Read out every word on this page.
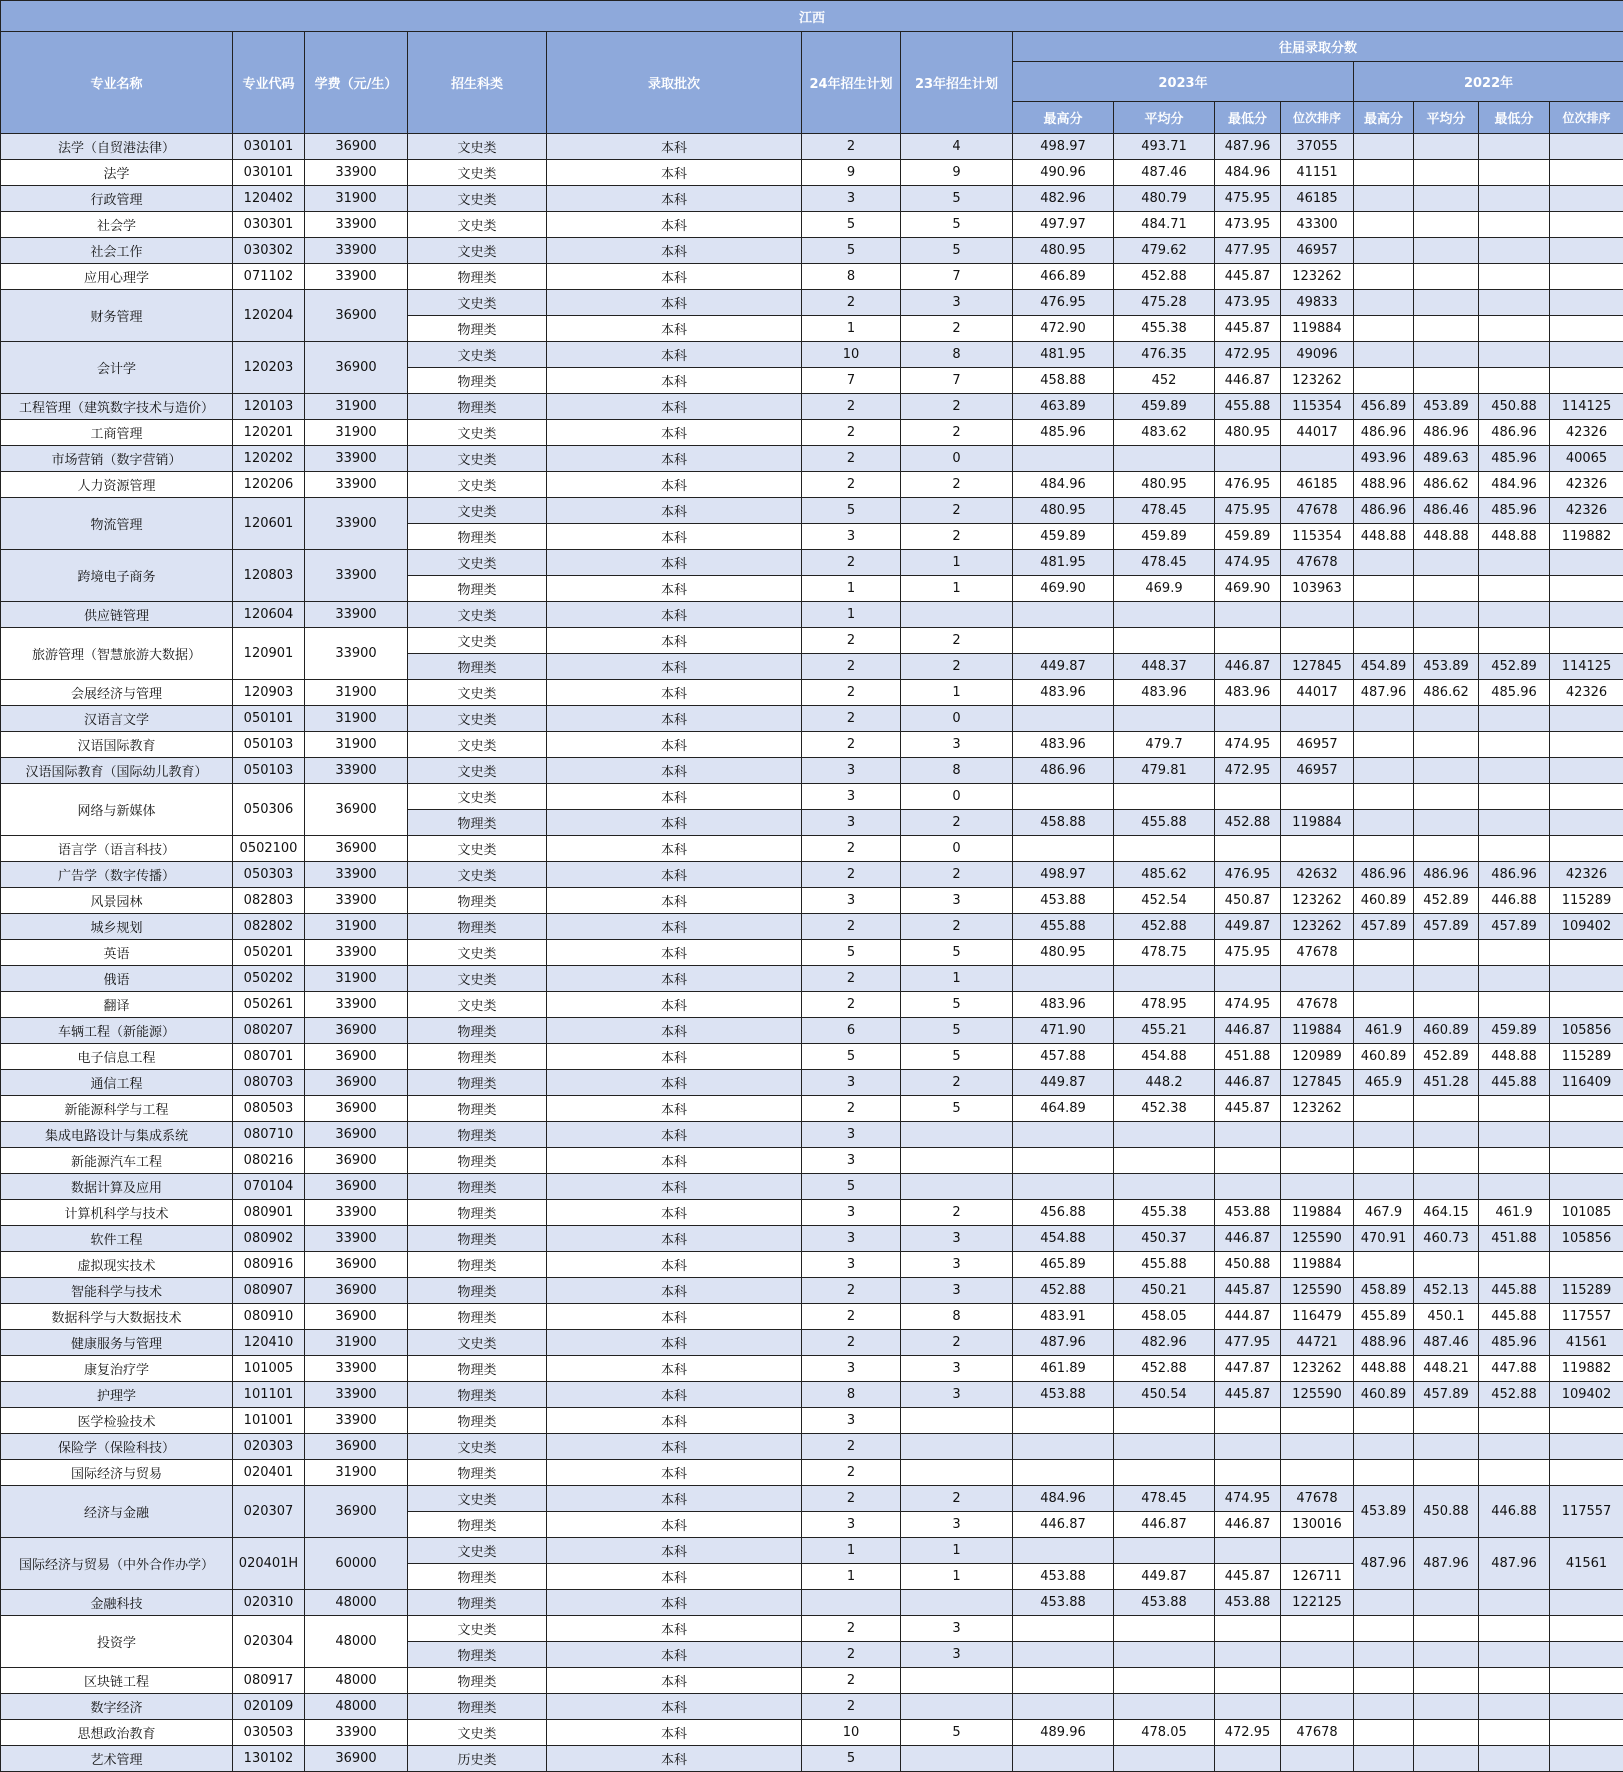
江西														
专业名称	专业代码	学费（元/生）	招生科类	录取批次	24年招生计划	23年招生计划	往届录取分数							
							2023年				2022年			
							最高分	平均分	最低分	位次排序	最高分	平均分	最低分	位次排序
法学（自贸港法律）	030101	36900	文史类	本科	2	4	498.97	493.71	487.96	37055				
法学	030101	33900	文史类	本科	9	9	490.96	487.46	484.96	41151				
行政管理	120402	31900	文史类	本科	3	5	482.96	480.79	475.95	46185				
社会学	030301	33900	文史类	本科	5	5	497.97	484.71	473.95	43300				
社会工作	030302	33900	文史类	本科	5	5	480.95	479.62	477.95	46957				
应用心理学	071102	33900	物理类	本科	8	7	466.89	452.88	445.87	123262				
财务管理	120204	36900	文史类	本科	2	3	476.95	475.28	473.95	49833				
			物理类	本科	1	2	472.90	455.38	445.87	119884				
会计学	120203	36900	文史类	本科	10	8	481.95	476.35	472.95	49096				
			物理类	本科	7	7	458.88	452	446.87	123262				
工程管理（建筑数字技术与造价）	120103	31900	物理类	本科	2	2	463.89	459.89	455.88	115354	456.89	453.89	450.88	114125
工商管理	120201	31900	文史类	本科	2	2	485.96	483.62	480.95	44017	486.96	486.96	486.96	42326
市场营销（数字营销）	120202	33900	文史类	本科	2	0					493.96	489.63	485.96	40065
人力资源管理	120206	33900	文史类	本科	2	2	484.96	480.95	476.95	46185	488.96	486.62	484.96	42326
物流管理	120601	33900	文史类	本科	5	2	480.95	478.45	475.95	47678	486.96	486.46	485.96	42326
			物理类	本科	3	2	459.89	459.89	459.89	115354	448.88	448.88	448.88	119882
跨境电子商务	120803	33900	文史类	本科	2	1	481.95	478.45	474.95	47678				
			物理类	本科	1	1	469.90	469.9	469.90	103963				
供应链管理	120604	33900	文史类	本科	1									
旅游管理（智慧旅游大数据）	120901	33900	文史类	本科	2	2								
			物理类	本科	2	2	449.87	448.37	446.87	127845	454.89	453.89	452.89	114125
会展经济与管理	120903	31900	文史类	本科	2	1	483.96	483.96	483.96	44017	487.96	486.62	485.96	42326
汉语言文学	050101	31900	文史类	本科	2	0								
汉语国际教育	050103	31900	文史类	本科	2	3	483.96	479.7	474.95	46957				
汉语国际教育（国际幼儿教育）	050103	33900	文史类	本科	3	8	486.96	479.81	472.95	46957				
网络与新媒体	050306	36900	文史类	本科	3	0								
			物理类	本科	3	2	458.88	455.88	452.88	119884				
语言学（语言科技）	0502100	36900	文史类	本科	2	0								
广告学（数字传播）	050303	33900	文史类	本科	2	2	498.97	485.62	476.95	42632	486.96	486.96	486.96	42326
风景园林	082803	33900	物理类	本科	3	3	453.88	452.54	450.87	123262	460.89	452.89	446.88	115289
城乡规划	082802	31900	物理类	本科	2	2	455.88	452.88	449.87	123262	457.89	457.89	457.89	109402
英语	050201	33900	文史类	本科	5	5	480.95	478.75	475.95	47678				
俄语	050202	31900	文史类	本科	2	1								
翻译	050261	33900	文史类	本科	2	5	483.96	478.95	474.95	47678				
车辆工程（新能源）	080207	36900	物理类	本科	6	5	471.90	455.21	446.87	119884	461.9	460.89	459.89	105856
电子信息工程	080701	36900	物理类	本科	5	5	457.88	454.88	451.88	120989	460.89	452.89	448.88	115289
通信工程	080703	36900	物理类	本科	3	2	449.87	448.2	446.87	127845	465.9	451.28	445.88	116409
新能源科学与工程	080503	36900	物理类	本科	2	5	464.89	452.38	445.87	123262				
集成电路设计与集成系统	080710	36900	物理类	本科	3									
新能源汽车工程	080216	36900	物理类	本科	3									
数据计算及应用	070104	36900	物理类	本科	5									
计算机科学与技术	080901	33900	物理类	本科	3	2	456.88	455.38	453.88	119884	467.9	464.15	461.9	101085
软件工程	080902	33900	物理类	本科	3	3	454.88	450.37	446.87	125590	470.91	460.73	451.88	105856
虚拟现实技术	080916	36900	物理类	本科	3	3	465.89	455.88	450.88	119884				
智能科学与技术	080907	36900	物理类	本科	2	3	452.88	450.21	445.87	125590	458.89	452.13	445.88	115289
数据科学与大数据技术	080910	36900	物理类	本科	2	8	483.91	458.05	444.87	116479	455.89	450.1	445.88	117557
健康服务与管理	120410	31900	文史类	本科	2	2	487.96	482.96	477.95	44721	488.96	487.46	485.96	41561
康复治疗学	101005	33900	物理类	本科	3	3	461.89	452.88	447.87	123262	448.88	448.21	447.88	119882
护理学	101101	33900	物理类	本科	8	3	453.88	450.54	445.87	125590	460.89	457.89	452.88	109402
医学检验技术	101001	33900	物理类	本科	3									
保险学（保险科技）	020303	36900	文史类	本科	2									
国际经济与贸易	020401	31900	物理类	本科	2									
经济与金融	020307	36900	文史类	本科	2	2	484.96	478.45	474.95	47678	453.89	450.88	446.88	117557
			物理类	本科	3	3	446.87	446.87	446.87	130016				
国际经济与贸易（中外合作办学）	020401H	60000	文史类	本科	1	1					487.96	487.96	487.96	41561
			物理类	本科	1	1	453.88	449.87	445.87	126711				
金融科技	020310	48000	物理类	本科			453.88	453.88	453.88	122125				
投资学	020304	48000	文史类	本科	2	3								
			物理类	本科	2	3								
区块链工程	080917	48000	物理类	本科	2									
数字经济	020109	48000	物理类	本科	2									
思想政治教育	030503	33900	文史类	本科	10	5	489.96	478.05	472.95	47678				
艺术管理	130102	36900	历史类	本科	5									
